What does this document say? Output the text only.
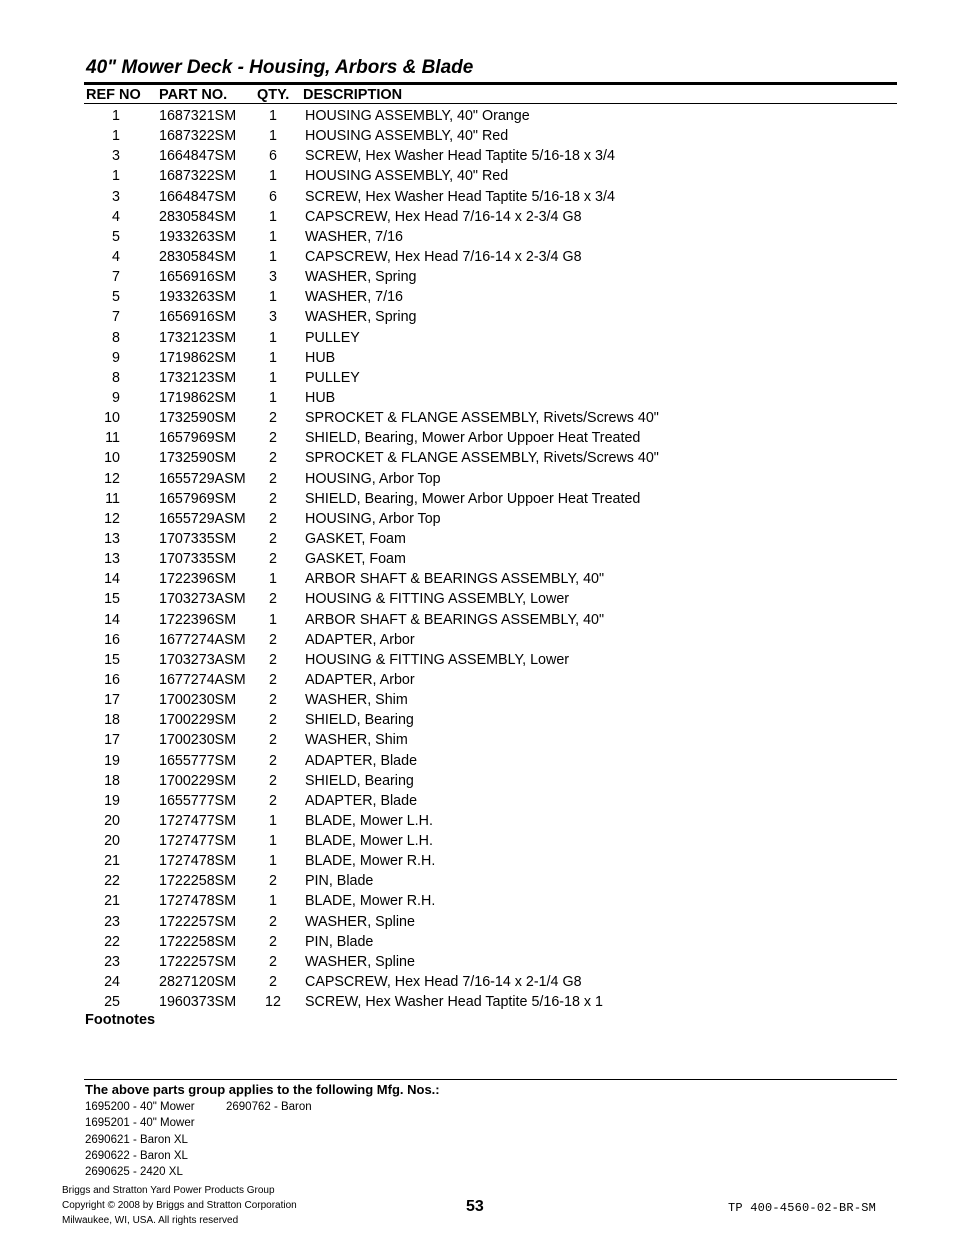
40" Mower Deck - Housing, Arbors & Blade
REF NO PART NO. QTY. DESCRIPTION
1	1687321SM	1	HOUSING ASSEMBLY, 40" Orange
1	1687322SM	1	HOUSING ASSEMBLY, 40" Red
3	1664847SM	6	SCREW, Hex Washer Head Taptite 5/16-18 x 3/4
1	1687322SM	1	HOUSING ASSEMBLY, 40" Red
3	1664847SM	6	SCREW, Hex Washer Head Taptite 5/16-18 x 3/4
4	2830584SM	1	CAPSCREW, Hex Head 7/16-14 x 2-3/4 G8
5	1933263SM	1	WASHER, 7/16
4	2830584SM	1	CAPSCREW, Hex Head 7/16-14 x 2-3/4 G8
7	1656916SM	3	WASHER, Spring
5	1933263SM	1	WASHER, 7/16
7	1656916SM	3	WASHER, Spring
8	1732123SM	1	PULLEY
9	1719862SM	1	HUB
8	1732123SM	1	PULLEY
9	1719862SM	1	HUB
10	1732590SM	2	SPROCKET & FLANGE ASSEMBLY, Rivets/Screws 40"
11	1657969SM	2	SHIELD, Bearing, Mower Arbor Uppoer Heat Treated
10	1732590SM	2	SPROCKET & FLANGE ASSEMBLY, Rivets/Screws 40"
12	1655729ASM	2	HOUSING, Arbor Top
11	1657969SM	2	SHIELD, Bearing, Mower Arbor Uppoer Heat Treated
12	1655729ASM	2	HOUSING, Arbor Top
13	1707335SM	2	GASKET, Foam
13	1707335SM	2	GASKET, Foam
14	1722396SM	1	ARBOR SHAFT & BEARINGS ASSEMBLY, 40"
15	1703273ASM	2	HOUSING & FITTING ASSEMBLY, Lower
14	1722396SM	1	ARBOR SHAFT & BEARINGS ASSEMBLY, 40"
16	1677274ASM	2	ADAPTER, Arbor
15	1703273ASM	2	HOUSING & FITTING ASSEMBLY, Lower
16	1677274ASM	2	ADAPTER, Arbor
17	1700230SM	2	WASHER, Shim
18	1700229SM	2	SHIELD, Bearing
17	1700230SM	2	WASHER, Shim
19	1655777SM	2	ADAPTER, Blade
18	1700229SM	2	SHIELD, Bearing
19	1655777SM	2	ADAPTER, Blade
20	1727477SM	1	BLADE, Mower L.H.
20	1727477SM	1	BLADE, Mower L.H.
21	1727478SM	1	BLADE, Mower R.H.
22	1722258SM	2	PIN, Blade
21	1727478SM	1	BLADE, Mower R.H.
23	1722257SM	2	WASHER, Spline
22	1722258SM	2	PIN, Blade
23	1722257SM	2	WASHER, Spline
24	2827120SM	2	CAPSCREW, Hex Head 7/16-14 x 2-1/4 G8
25	1960373SM 12 SCREW, Hex Washer Head Taptite 5/16-18 x 1
Footnotes
The above parts group applies to the following Mfg. Nos.:
1695200 - 40" Mower
1695201 - 40" Mower
2690621 - Baron XL
2690622 - Baron XL
2690625 - 2420 XL
2690762 - Baron
Briggs and Stratton Yard Power Products Group
Copyright © 2008 by Briggs and Stratton Corporation
Milwaukee, WI, USA. All rights reserved
53	TP 400-4560-02-BR-SM
